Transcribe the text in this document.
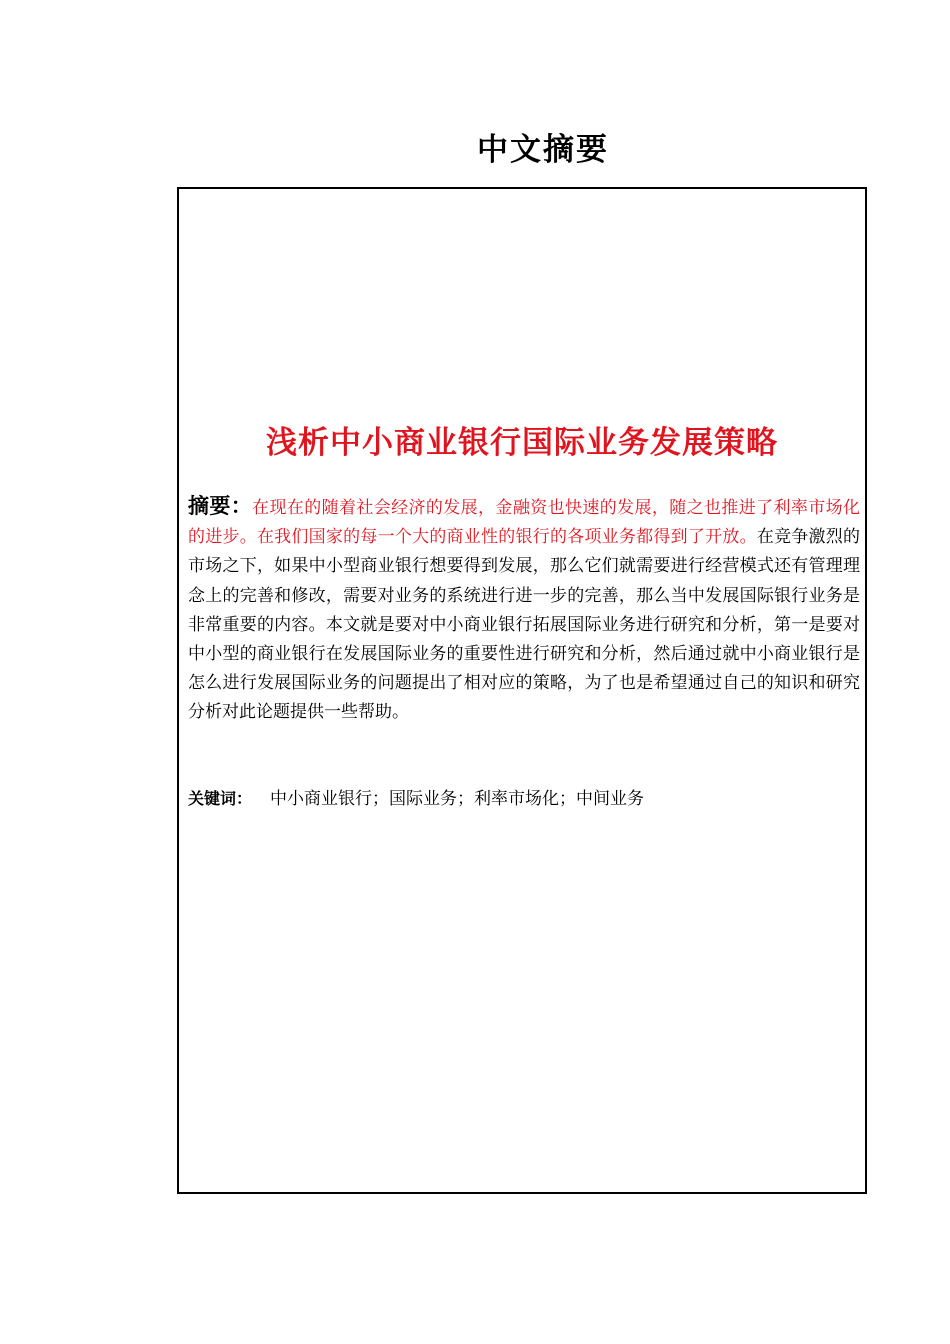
中文摘要
浅析中小商业银行国际业务发展策略
摘要：在现在的随着社会经济的发展，金融资也快速的发展，随之也推进了利率市场化的进步。在我们国家的每一个大的商业性的银行的各项业务都得到了开放。在竞争激烈的市场之下，如果中小型商业银行想要得到发展，那么它们就需要进行经营模式还有管理理念上的完善和修改，需要对业务的系统进行进一步的完善，那么当中发展国际银行业务是非常重要的内容。本文就是要对中小商业银行拓展国际业务进行研究和分析，第一是要对中小型的商业银行在发展国际业务的重要性进行研究和分析，然后通过就中小商业银行是怎么进行发展国际业务的问题提出了相对应的策略，为了也是希望通过自己的知识和研究分析对此论题提供一些帮助。
关键词： 中小商业银行；国际业务；利率市场化；中间业务
